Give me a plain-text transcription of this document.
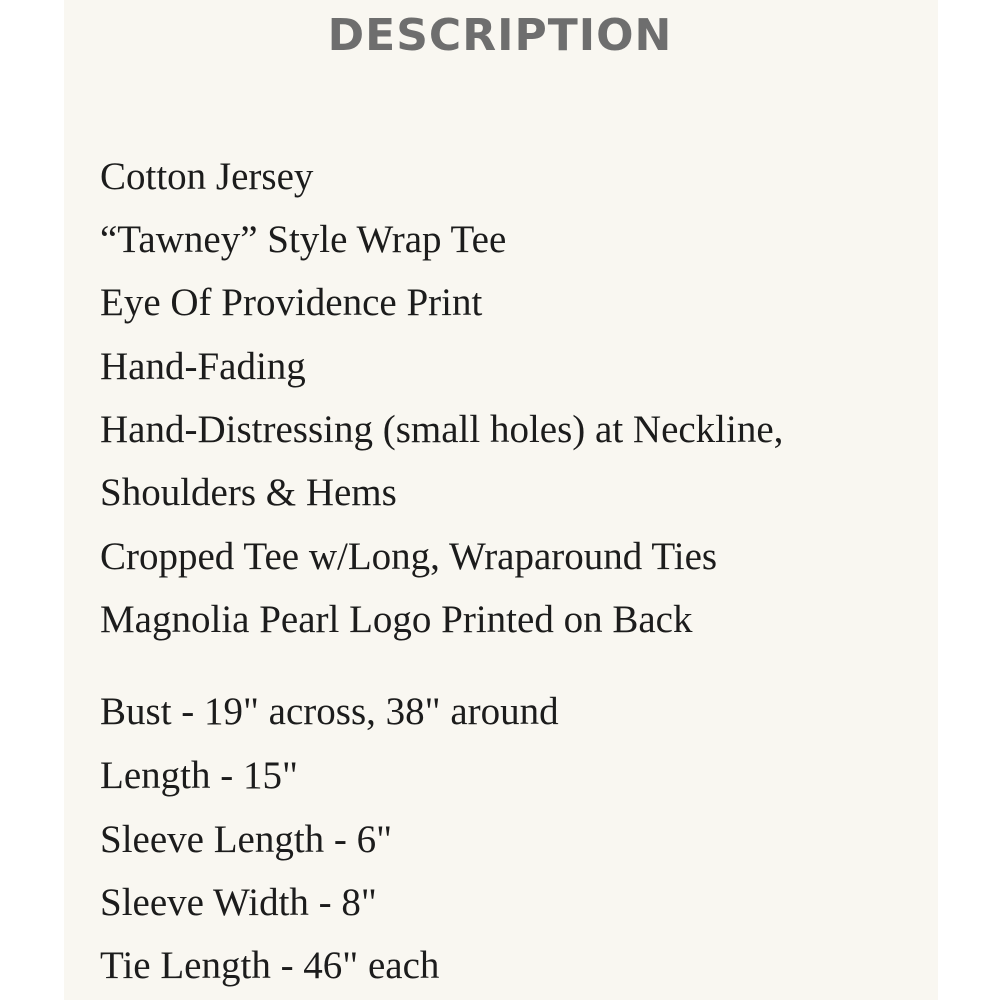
DESCRIPTION
Cotton Jersey
“Tawney” Style Wrap Tee
Eye Of Providence Print
Hand-Fading
Hand-Distressing (small holes) at Neckline,
Shoulders & Hems
Cropped Tee w/Long, Wraparound Ties
Magnolia Pearl Logo Printed on Back
Bust - 19" across, 38" around
Length - 15"
Sleeve Length - 6"
Sleeve Width - 8"
Tie Length - 46" each
